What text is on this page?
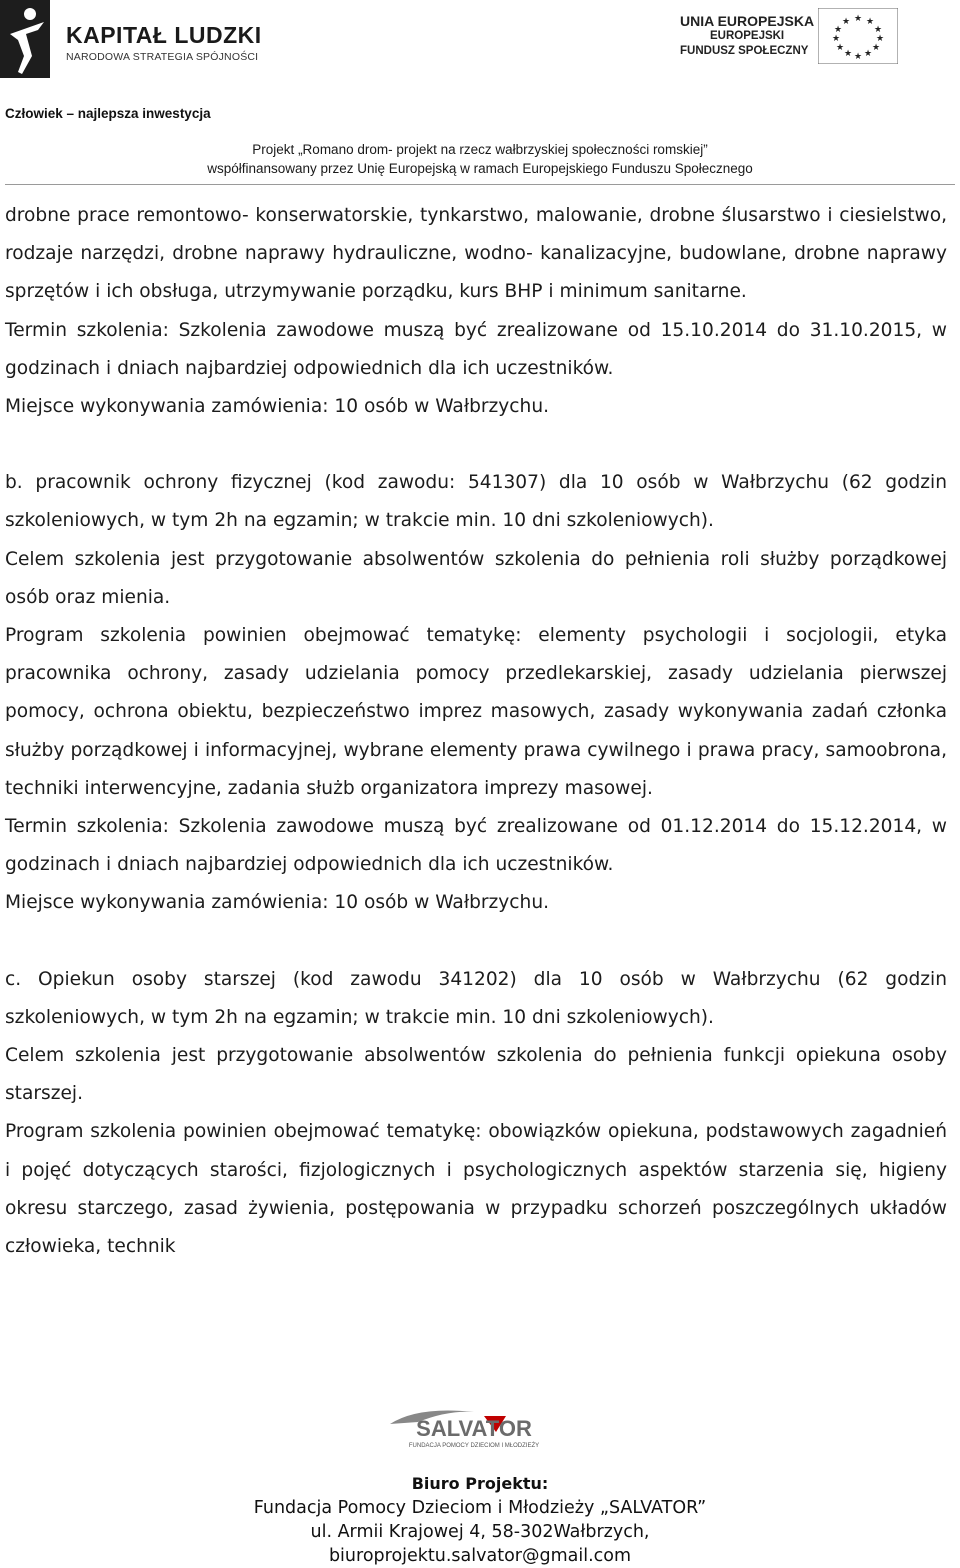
KAPITAŁ LUDZKI
NARODOWA STRATEGIA SPÓJNOŚCI
UNIA EUROPEJSKA
EUROPEJSKI
FUNDUSZ SPOŁECZNY
★ ★
★
★
★
★
★
★
★
★
★
★
Człowiek – najlepsza inwestycja
Projekt „Romano drom- projekt na rzecz wałbrzyskiej społeczności romskiej”
współfinansowany przez Unię Europejską w ramach Europejskiego Funduszu Społecznego

drobne prace remontowo- konserwatorskie, tynkarstwo, malowanie, drobne ślusarstwo i ciesielstwo, rodzaje narzędzi, drobne naprawy hydrauliczne, wodno- kanalizacyjne, budowlane, drobne naprawy sprzętów i ich obsługa, utrzymywanie porządku, kurs BHP i minimum sanitarne.

Termin szkolenia: Szkolenia zawodowe muszą być zrealizowane od 15.10.2014 do 31.10.2015, w godzinach i dniach najbardziej odpowiednich dla ich uczestników.

Miejsce wykonywania zamówienia: 10 osób w Wałbrzychu.

b. pracownik ochrony fizycznej (kod zawodu: 541307) dla 10 osób w Wałbrzychu (62 godzin szkoleniowych, w tym 2h na egzamin; w trakcie min. 10 dni szkoleniowych).

Celem szkolenia jest przygotowanie absolwentów szkolenia do pełnienia roli służby porządkowej osób oraz mienia.

Program szkolenia powinien obejmować tematykę: elementy psychologii i socjologii, etyka pracownika ochrony, zasady udzielania pomocy przedlekarskiej, zasady udzielania pierwszej pomocy, ochrona obiektu, bezpieczeństwo imprez masowych, zasady wykonywania zadań członka służby porządkowej i informacyjnej, wybrane elementy prawa cywilnego i prawa pracy, samoobrona, techniki interwencyjne, zadania służb organizatora imprezy masowej.

Termin szkolenia: Szkolenia zawodowe muszą być zrealizowane od 01.12.2014 do 15.12.2014, w godzinach i dniach najbardziej odpowiednich dla ich uczestników.

Miejsce wykonywania zamówienia: 10 osób w Wałbrzychu.

c. Opiekun osoby starszej (kod zawodu 341202) dla 10 osób w Wałbrzychu (62 godzin szkoleniowych, w tym 2h na egzamin; w trakcie min. 10 dni szkoleniowych).

Celem szkolenia jest przygotowanie absolwentów szkolenia do pełnienia funkcji opiekuna osoby starszej.

Program szkolenia powinien obejmować tematykę: obowiązków opiekuna, podstawowych zagadnień i pojęć dotyczących starości, fizjologicznych i psychologicznych aspektów starzenia się, higieny okresu starczego, zasad żywienia, postępowania w przypadku schorzeń poszczególnych układów człowieka, technik

SALVATOR
FUNDACJA POMOCY DZIECIOM I MŁODZIEŻY
Biuro Projektu:
Fundacja Pomocy Dzieciom i Młodzieży „SALVATOR”
ul. Armii Krajowej 4, 58-302Wałbrzych,
biuroprojektu.salvator@gmail.com
